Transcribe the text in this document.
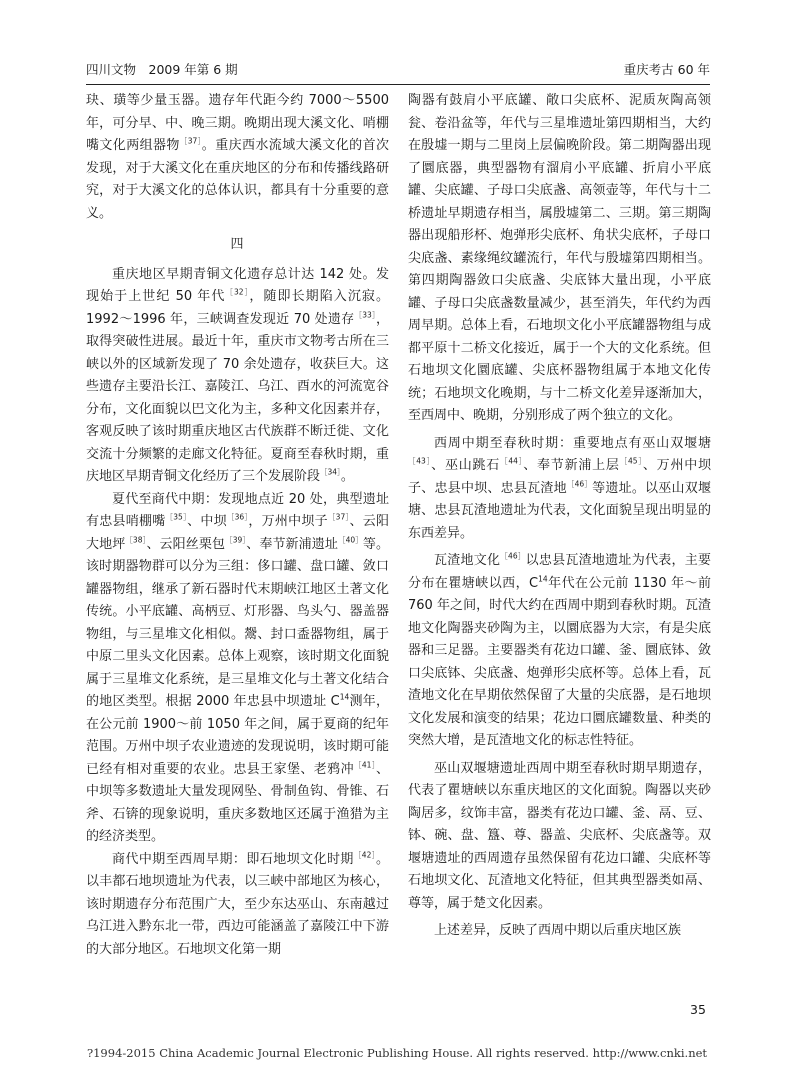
四川文物　2009 年第 6 期	重庆考古 60 年

玦、璜等少量玉器。遗存年代距今约 7000～5500 年，可分早、中、晚三期。晚期出现大溪文化、哨棚嘴文化两组器物$^{[37]}$。重庆西水流域大溪文化的首次发现，对于大溪文化在重庆地区的分布和传播线路研究，对于大溪文化的总体认识，都具有十分重要的意义。

四

重庆地区早期青铜文化遗存总计达 142 处。发现始于上世纪 50 年代$^{[32]}$，随即长期陷入沉寂。1992～1996 年，三峡调查发现近 70 处遗存$^{[33]}$，取得突破性进展。最近十年，重庆市文物考古所在三峡以外的区域新发现了 70 余处遗存，收获巨大。这些遗存主要沿长江、嘉陵江、乌江、酉水的河流宽谷分布，文化面貌以巴文化为主，多种文化因素并存，客观反映了该时期重庆地区古代族群不断迁徙、文化交流十分频繁的走廊文化特征。夏商至春秋时期，重庆地区早期青铜文化经历了三个发展阶段$^{[34]}$。

夏代至商代中期：发现地点近 20 处，典型遗址有忠县哨棚嘴$^{[35]}$、中坝$^{[36]}$，万州中坝子$^{[37]}$、云阳大地坪$^{[38]}$、云阳丝栗包$^{[39]}$、奉节新浦遗址$^{[40]}$等。该时期器物群可以分为三组：侈口罐、盘口罐、敛口罐器物组，继承了新石器时代末期峡江地区土著文化传统。小平底罐、高柄豆、灯形器、鸟头勺、器盖器物组，与三星堆文化相似。鬶、封口盉器物组，属于中原二里头文化因素。总体上观察，该时期文化面貌属于三星堆文化系统，是三星堆文化与土著文化结合的地区类型。根据 2000 年忠县中坝遗址 $C^{14}$测年，在公元前 1900～前 1050 年之间，属于夏商的纪年范围。万州中坝子农业遗迹的发现说明，该时期可能已经有相对重要的农业。忠县王家堡、老鸦冲$^{[41]}$、中坝等多数遗址大量发现网坠、骨制鱼钩、骨锥、石斧、石锛的现象说明，重庆多数地区还属于渔猎为主的经济类型。

商代中期至西周早期：即石地坝文化时期$^{[42]}$。以丰都石地坝遗址为代表，以三峡中部地区为核心，该时期遗存分布范围广大，至少东达巫山、东南越过乌江进入黔东北一带，西边可能涵盖了嘉陵江中下游的大部分地区。石地坝文化第一期

陶器有鼓肩小平底罐、敞口尖底杯、泥质灰陶高领瓮、卷沿盆等，年代与三星堆遗址第四期相当，大约在殷墟一期与二里岗上层偏晚阶段。第二期陶器出现了圜底器，典型器物有溜肩小平底罐、折肩小平底罐、尖底罐、子母口尖底盏、高领壶等，年代与十二桥遗址早期遗存相当，属殷墟第二、三期。第三期陶器出现船形杯、炮弹形尖底杯、角状尖底杯，子母口尖底盏、素缘绳纹罐流行，年代与殷墟第四期相当。第四期陶器敛口尖底盏、尖底钵大量出现，小平底罐、子母口尖底盏数量减少，甚至消失，年代约为西周早期。总体上看，石地坝文化小平底罐器物组与成都平原十二桥文化接近，属于一个大的文化系统。但石地坝文化圜底罐、尖底杯器物组属于本地文化传统；石地坝文化晚期，与十二桥文化差异逐渐加大，至西周中、晚期，分别形成了两个独立的文化。

西周中期至春秋时期：重要地点有巫山双堰塘$^{[43]}$、巫山跳石$^{[44]}$、奉节新浦上层$^{[45]}$、万州中坝子、忠县中坝、忠县瓦渣地$^{[46]}$等遗址。以巫山双堰塘、忠县瓦渣地遗址为代表，文化面貌呈现出明显的东西差异。

瓦渣地文化$^{[46]}$以忠县瓦渣地遗址为代表，主要分布在瞿塘峡以西，$C^{14}$年代在公元前 1130 年～前 760 年之间，时代大约在西周中期到春秋时期。瓦渣地文化陶器夹砂陶为主，以圜底器为大宗，有是尖底器和三足器。主要器类有花边口罐、釜、圜底钵、敛口尖底钵、尖底盏、炮弹形尖底杯等。总体上看，瓦渣地文化在早期依然保留了大量的尖底器，是石地坝文化发展和演变的结果；花边口圜底罐数量、种类的突然大增，是瓦渣地文化的标志性特征。

巫山双堰塘遗址西周中期至春秋时期早期遗存，代表了瞿塘峡以东重庆地区的文化面貌。陶器以夹砂陶居多，纹饰丰富，器类有花边口罐、釜、鬲、豆、钵、碗、盘、簋、尊、器盖、尖底杯、尖底盏等。双堰塘遗址的西周遗存虽然保留有花边口罐、尖底杯等石地坝文化、瓦渣地文化特征，但其典型器类如鬲、尊等，属于楚文化因素。

上述差异，反映了西周中期以后重庆地区族

35
?1994-2015 China Academic Journal Electronic Publishing House. All rights reserved. http://www.cnki.net
